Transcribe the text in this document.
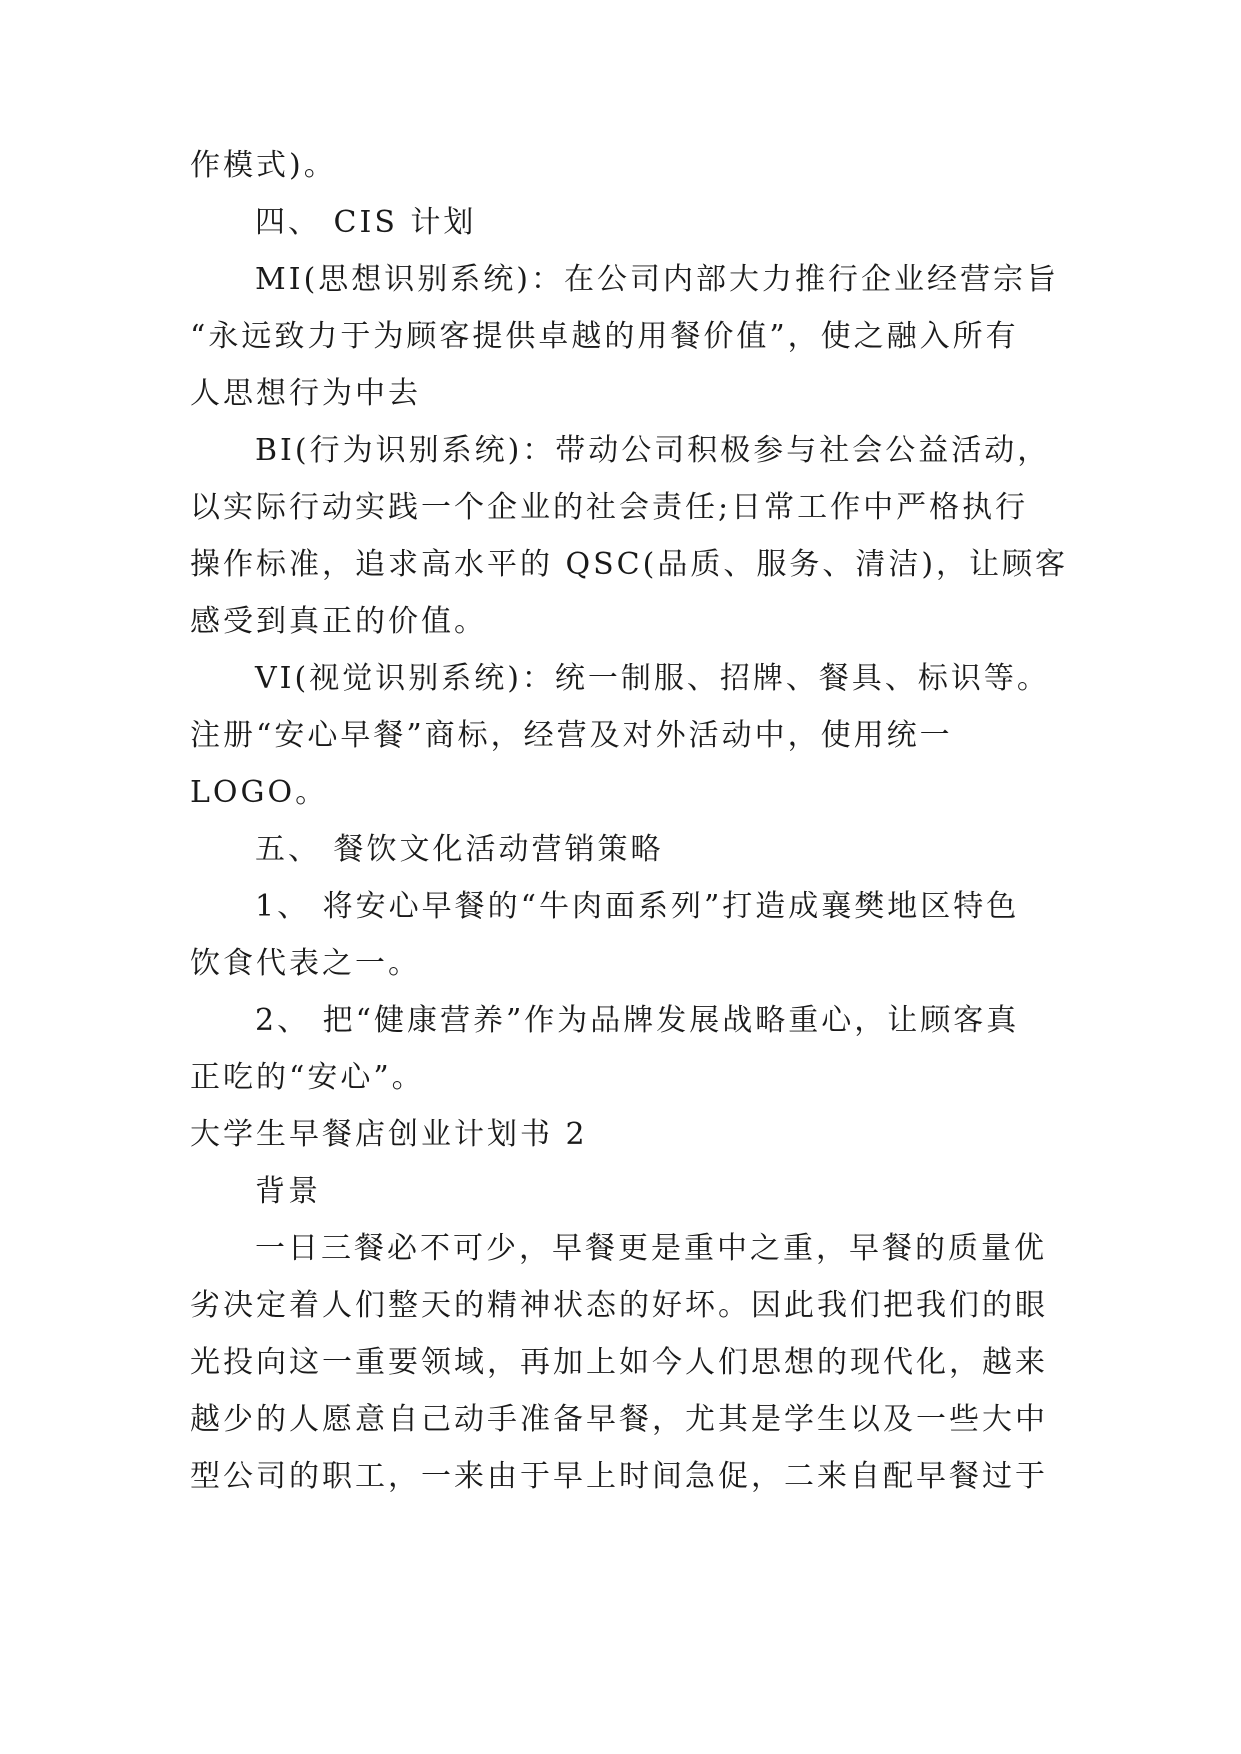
作模式)。
四、 CIS 计划
MI(思想识别系统)：在公司内部大力推行企业经营宗旨
“永远致力于为顾客提供卓越的用餐价值”，使之融入所有
人思想行为中去
BI(行为识别系统)：带动公司积极参与社会公益活动，
以实际行动实践一个企业的社会责任;日常工作中严格执行
操作标准，追求高水平的 QSC(品质、服务、清洁)，让顾客
感受到真正的价值。
VI(视觉识别系统)：统一制服、招牌、餐具、标识等。
注册“安心早餐”商标，经营及对外活动中，使用统一
LOGO。
五、 餐饮文化活动营销策略
1、 将安心早餐的“牛肉面系列”打造成襄樊地区特色
饮食代表之一。
2、 把“健康营养”作为品牌发展战略重心，让顾客真
正吃的“安心”。
大学生早餐店创业计划书 2
背景
一日三餐必不可少，早餐更是重中之重，早餐的质量优
劣决定着人们整天的精神状态的好坏。因此我们把我们的眼
光投向这一重要领域，再加上如今人们思想的现代化，越来
越少的人愿意自己动手准备早餐，尤其是学生以及一些大中
型公司的职工，一来由于早上时间急促，二来自配早餐过于
